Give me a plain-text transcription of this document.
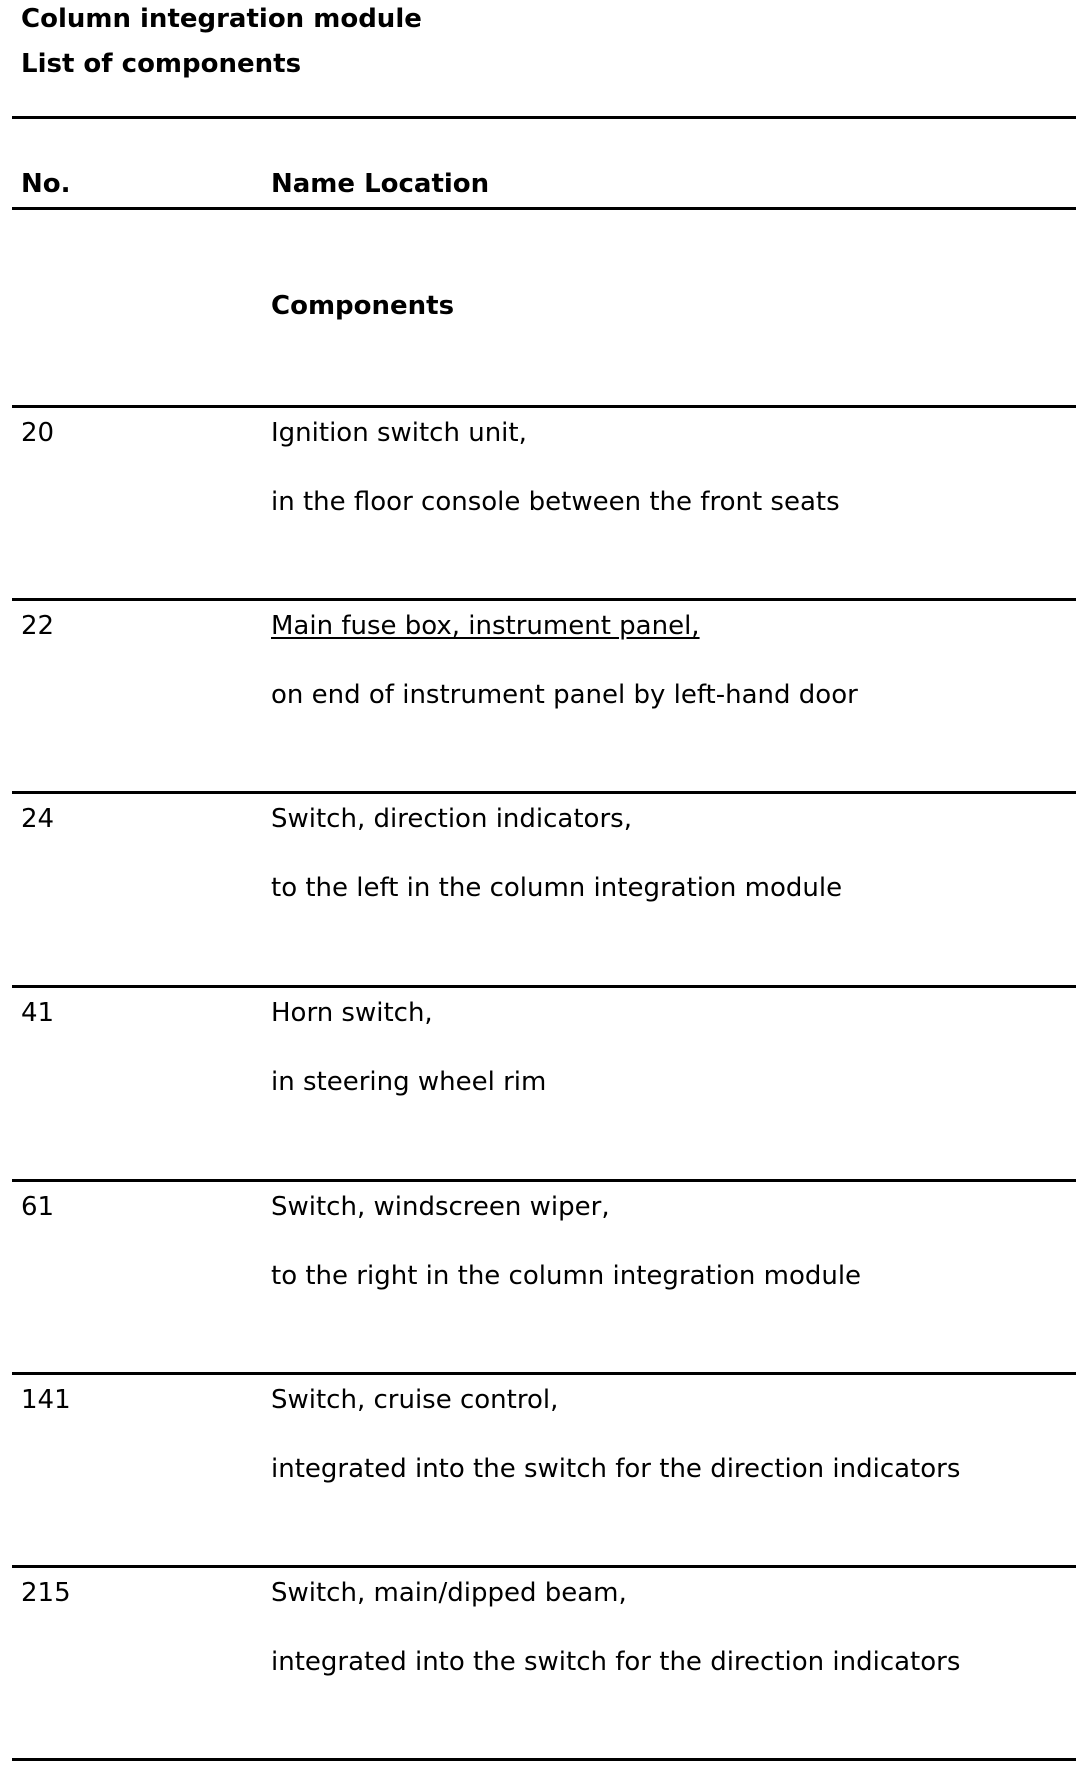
Column integration module
List of components
No.	Name Location
Components
20	Ignition switch unit,
in the floor console between the front seats
22	Main fuse box, instrument panel,
on end of instrument panel by left-hand door
24	Switch, direction indicators,
to the left in the column integration module
41	Horn switch,
in steering wheel rim
61	Switch, windscreen wiper,
to the right in the column integration module
141	Switch, cruise control,
integrated into the switch for the direction indicators
215	Switch, main/dipped beam,
integrated into the switch for the direction indicators
